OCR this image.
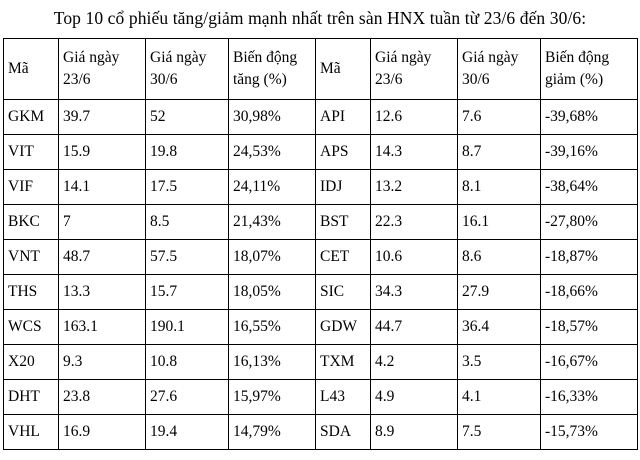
Top 10 cổ phiếu tăng/giảm mạnh nhất trên sàn HNX tuần từ 23/6 đến 30/6:
Mã	Giá ngày 23/6	Giá ngày 30/6	Biến động tăng (%)	Mã	Giá ngày 23/6	Giá ngày 30/6	Biến động giảm (%)
GKM	39.7	52	30,98%	API	12.6	7.6	-39,68%
VIT	15.9	19.8	24,53%	APS	14.3	8.7	-39,16%
VIF	14.1	17.5	24,11%	IDJ	13.2	8.1	-38,64%
BKC	7	8.5	21,43%	BST	22.3	16.1	-27,80%
VNT	48.7	57.5	18,07%	CET	10.6	8.6	-18,87%
THS	13.3	15.7	18,05%	SIC	34.3	27.9	-18,66%
WCS	163.1	190.1	16,55%	GDW	44.7	36.4	-18,57%
X20	9.3	10.8	16,13%	TXM	4.2	3.5	-16,67%
DHT	23.8	27.6	15,97%	L43	4.9	4.1	-16,33%
VHL	16.9	19.4	14,79%	SDA	8.9	7.5	-15,73%
